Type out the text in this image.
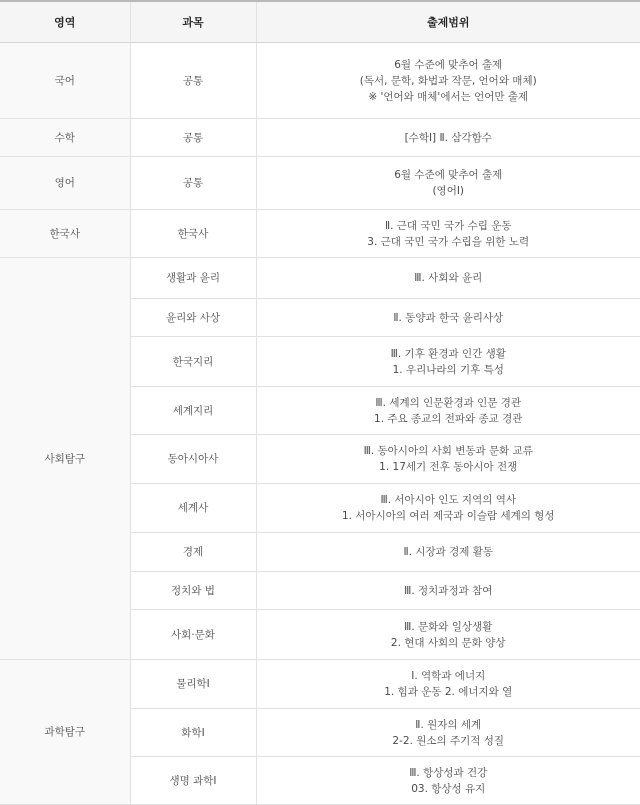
영역	과목	출제범위
국어	공통	6월 수준에 맞추어 출제
(독서, 문학, 화법과 작문, 언어와 매체)
※ '언어와 매체'에서는 언어만 출제

수학	공통	[수학Ⅰ] Ⅱ. 삼각함수

영어	공통	6월 수준에 맞추어 출제
(영어Ⅰ)

한국사	한국사	Ⅱ. 근대 국민 국가 수립 운동
3. 근대 국민 국가 수립을 위한 노력

사회탐구	생활과 윤리	Ⅲ. 사회와 윤리

	윤리와 사상	Ⅱ. 동양과 한국 윤리사상

	한국지리	Ⅲ. 기후 환경과 인간 생활
1. 우리나라의 기후 특성

	세계지리	Ⅲ. 세계의 인문환경과 인문 경관
1. 주요 종교의 전파와 종교 경관

	동아시아사	Ⅲ. 동아시아의 사회 변동과 문화 교류
1. 17세기 전후 동아시아 전쟁

	세계사	Ⅲ. 서아시아 인도 지역의 역사
1. 서아시아의 여러 제국과 이슬람 세계의 형성

	경제	Ⅱ. 시장과 경제 활동

	정치와 법	Ⅲ. 정치과정과 참여

	사회·문화	Ⅲ. 문화와 일상생활
2. 현대 사회의 문화 양상

과학탐구	물리학Ⅰ	Ⅰ. 역학과 에너지
1. 힘과 운동 2. 에너지와 열

	화학Ⅰ	Ⅱ. 원자의 세계
2-2. 원소의 주기적 성질

	생명 과학Ⅰ	Ⅲ. 항상성과 건강
03. 항상성 유지
